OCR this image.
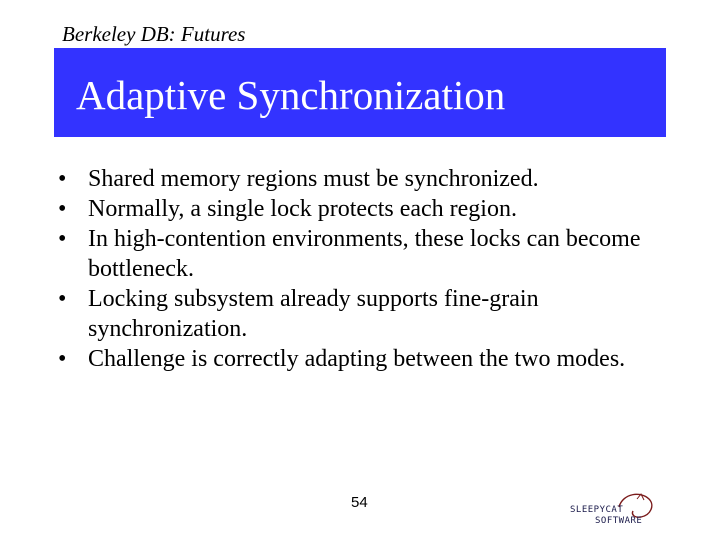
Berkeley DB: Futures
Adaptive Synchronization
• Shared memory regions must be synchronized.
• Normally, a single lock protects each region.
• In high-contention environments, these locks can become bottleneck.
• Locking subsystem already supports fine-grain synchronization.
• Challenge is correctly adapting between the two modes.
54	SLEEPYCAT
SOFTWARE
